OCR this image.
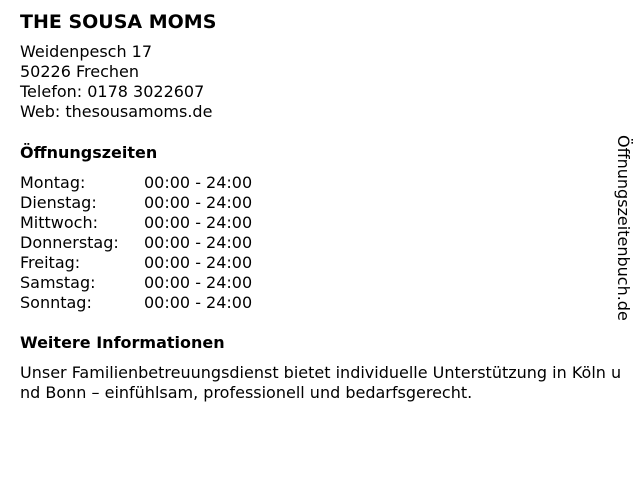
THE SOUSA MOMS
Weidenpesch 17
50226 Frechen
Telefon: 0178 3022607
Web: thesousamoms.de
Öffnungszeiten
Montag:	00:00 - 24:00
Dienstag:	00:00 - 24:00
Mittwoch:	00:00 - 24:00
Donnerstag:	00:00 - 24:00
Freitag:	00:00 - 24:00
Samstag:	00:00 - 24:00
Sonntag:	00:00 - 24:00
Weitere Informationen
Unser Familienbetreuungsdienst bietet individuelle Unterstützung in Köln und Bonn – einfühlsam, professionell und bedarfsgerecht.
Öffnungszeitenbuch.de
